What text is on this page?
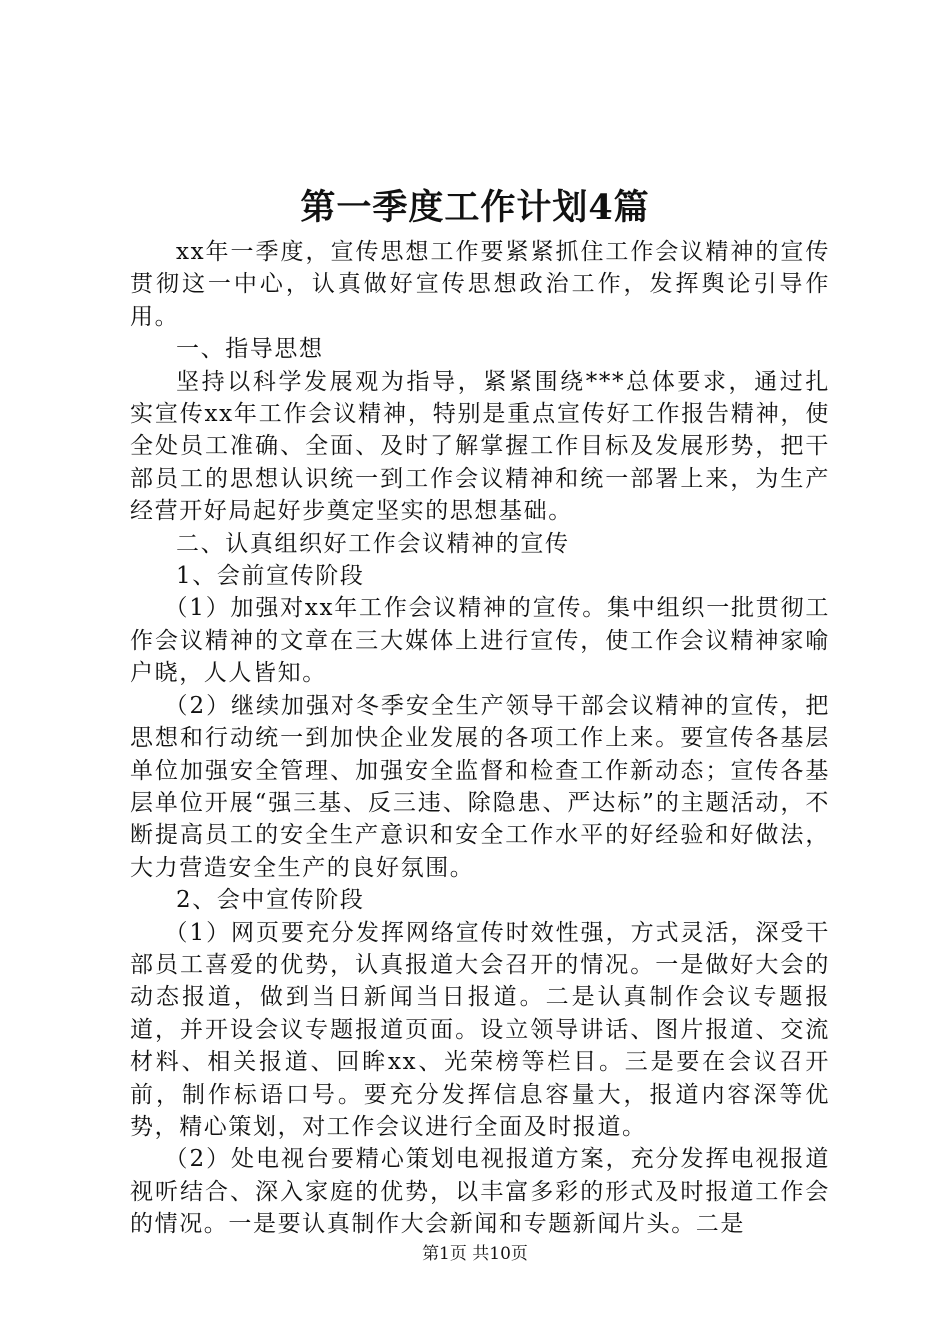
第一季度工作计划4篇

xx年一季度，宣传思想工作要紧紧抓住工作会议精神的宣传贯彻这一中心，认真做好宣传思想政治工作，发挥舆论引导作用。

一、指导思想

坚持以科学发展观为指导，紧紧围绕***总体要求，通过扎实宣传xx年工作会议精神，特别是重点宣传好工作报告精神，使全处员工准确、全面、及时了解掌握工作目标及发展形势，把干部员工的思想认识统一到工作会议精神和统一部署上来，为生产经营开好局起好步奠定坚实的思想基础。

二、认真组织好工作会议精神的宣传

1、会前宣传阶段

（1）加强对xx年工作会议精神的宣传。集中组织一批贯彻工作会议精神的文章在三大媒体上进行宣传，使工作会议精神家喻户晓，人人皆知。

（2）继续加强对冬季安全生产领导干部会议精神的宣传，把思想和行动统一到加快企业发展的各项工作上来。要宣传各基层单位加强安全管理、加强安全监督和检查工作新动态；宣传各基层单位开展“强三基、反三违、除隐患、严达标”的主题活动，不断提高员工的安全生产意识和安全工作水平的好经验和好做法，大力营造安全生产的良好氛围。

2、会中宣传阶段

（1）网页要充分发挥网络宣传时效性强，方式灵活，深受干部员工喜爱的优势，认真报道大会召开的情况。一是做好大会的动态报道，做到当日新闻当日报道。二是认真制作会议专题报道，并开设会议专题报道页面。设立领导讲话、图片报道、交流材料、相关报道、回眸xx、光荣榜等栏目。三是要在会议召开前，制作标语口号。要充分发挥信息容量大，报道内容深等优势，精心策划，对工作会议进行全面及时报道。

（2）处电视台要精心策划电视报道方案，充分发挥电视报道视听结合、深入家庭的优势，以丰富多彩的形式及时报道工作会的情况。一是要认真制作大会新闻和专题新闻片头。二是

第1页 共10页
